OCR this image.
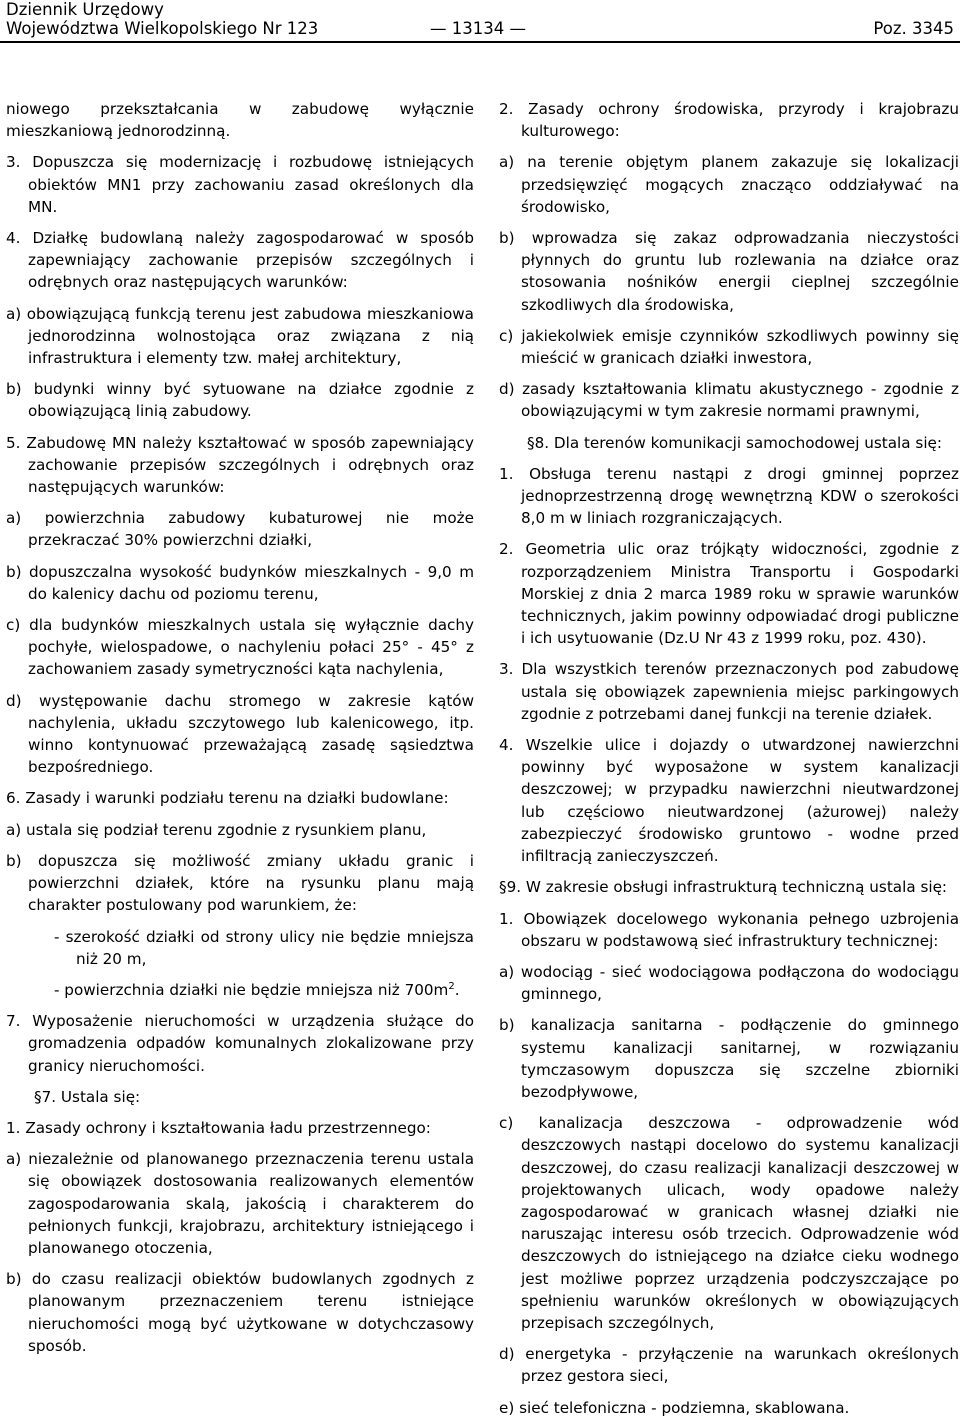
Dziennik Urzędowy
Województwa Wielkopolskiego Nr 123	— 13134 —	Poz. 3345

niowego przekształcania w zabudowę wyłącznie mieszkaniową jednorodzinną.

3. Dopuszcza się modernizację i rozbudowę istniejących obiektów MN1 przy zachowaniu zasad określonych dla MN.

4. Działkę budowlaną należy zagospodarować w sposób zapewniający zachowanie przepisów szczególnych i odrębnych oraz następujących warunków:

a) obowiązującą funkcją terenu jest zabudowa mieszkaniowa jednorodzinna wolnostojąca oraz związana z nią infrastruktura i elementy tzw. małej architektury,

b) budynki winny być sytuowane na działce zgodnie z obowiązującą linią zabudowy.

5. Zabudowę MN należy kształtować w sposób zapewniający zachowanie przepisów szczególnych i odrębnych oraz następujących warunków:

a) powierzchnia zabudowy kubaturowej nie może przekraczać 30% powierzchni działki,

b) dopuszczalna wysokość budynków mieszkalnych - 9,0 m do kalenicy dachu od poziomu terenu,

c) dla budynków mieszkalnych ustala się wyłącznie dachy pochyłe, wielospadowe, o nachyleniu połaci 25° - 45° z zachowaniem zasady symetryczności kąta nachylenia,

d) występowanie dachu stromego w zakresie kątów nachylenia, układu szczytowego lub kalenicowego, itp. winno kontynuować przeważającą zasadę sąsiedztwa bezpośredniego.

6. Zasady i warunki podziału terenu na działki budowlane:

a) ustala się podział terenu zgodnie z rysunkiem planu,

b) dopuszcza się możliwość zmiany układu granic i powierzchni działek, które na rysunku planu mają charakter postulowany pod warunkiem, że:

- szerokość działki od strony ulicy nie będzie mniejsza niż 20 m,

- powierzchnia działki nie będzie mniejsza niż $700m^2$.

7. Wyposażenie nieruchomości w urządzenia służące do gromadzenia odpadów komunalnych zlokalizowane przy granicy nieruchomości.

§7. Ustala się:

1. Zasady ochrony i kształtowania ładu przestrzennego:

a) niezależnie od planowanego przeznaczenia terenu ustala się obowiązek dostosowania realizowanych elementów zagospodarowania skalą, jakością i charakterem do pełnionych funkcji, krajobrazu, architektury istniejącego i planowanego otoczenia,

b) do czasu realizacji obiektów budowlanych zgodnych z planowanym przeznaczeniem terenu istniejące nieruchomości mogą być użytkowane w dotychczasowy sposób.

2. Zasady ochrony środowiska, przyrody i krajobrazu kulturowego:

a) na terenie objętym planem zakazuje się lokalizacji przedsięwzięć mogących znacząco oddziaływać na środowisko,

b) wprowadza się zakaz odprowadzania nieczystości płynnych do gruntu lub rozlewania na działce oraz stosowania nośników energii cieplnej szczególnie szkodliwych dla środowiska,

c) jakiekolwiek emisje czynników szkodliwych powinny się mieścić w granicach działki inwestora,

d) zasady kształtowania klimatu akustycznego - zgodnie z obowiązującymi w tym zakresie normami prawnymi,

§8. Dla terenów komunikacji samochodowej ustala się:

1. Obsługa terenu nastąpi z drogi gminnej poprzez jednoprzestrzenną drogę wewnętrzną KDW o szerokości 8,0 m w liniach rozgraniczających.

2. Geometria ulic oraz trójkąty widoczności, zgodnie z rozporządzeniem Ministra Transportu i Gospodarki Morskiej z dnia 2 marca 1989 roku w sprawie warunków technicznych, jakim powinny odpowiadać drogi publiczne i ich usytuowanie (Dz.U Nr 43 z 1999 roku, poz. 430).

3. Dla wszystkich terenów przeznaczonych pod zabudowę ustala się obowiązek zapewnienia miejsc parkingowych zgodnie z potrzebami danej funkcji na terenie działek.

4. Wszelkie ulice i dojazdy o utwardzonej nawierzchni powinny być wyposażone w system kanalizacji deszczowej; w przypadku nawierzchni nieutwardzonej lub częściowo nieutwardzonej (ażurowej) należy zabezpieczyć środowisko gruntowo - wodne przed infiltracją zanieczyszczeń.

§9. W zakresie obsługi infrastrukturą techniczną ustala się:

1. Obowiązek docelowego wykonania pełnego uzbrojenia obszaru w podstawową sieć infrastruktury technicznej:

a) wodociąg - sieć wodociągowa podłączona do wodociągu gminnego,

b) kanalizacja sanitarna - podłączenie do gminnego systemu kanalizacji sanitarnej, w rozwiązaniu tymczasowym dopuszcza się szczelne zbiorniki bezodpływowe,

c) kanalizacja deszczowa - odprowadzenie wód deszczowych nastąpi docelowo do systemu kanalizacji deszczowej, do czasu realizacji kanalizacji deszczowej w projektowanych ulicach, wody opadowe należy zagospodarować w granicach własnej działki nie naruszając interesu osób trzecich. Odprowadzenie wód deszczowych do istniejącego na działce cieku wodnego jest możliwe poprzez urządzenia podczyszczające po spełnieniu warunków określonych w obowiązujących przepisach szczególnych,

d) energetyka - przyłączenie na warunkach określonych przez gestora sieci,

e) sieć telefoniczna - podziemna, skablowana.
